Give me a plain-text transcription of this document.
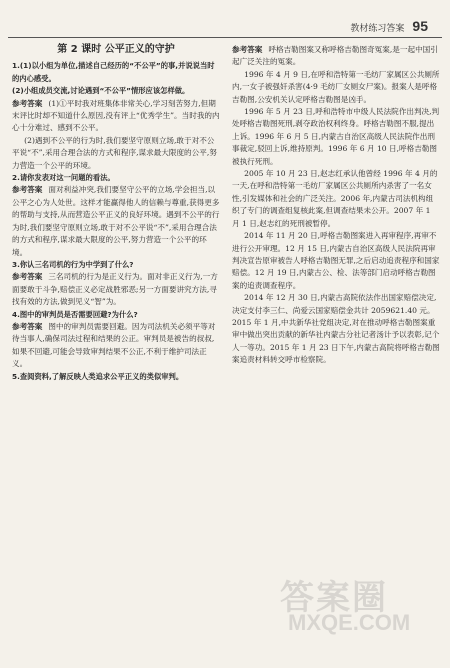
教材练习答案 95
第 2 课时 公平正义的守护

1.(1)以小组为单位,描述自己经历的“不公平”的事,并说说当时的内心感受。

(2)小组成员交流,讨论遇到“不公平”情形应该怎样做。

参考答案 (1)①平时我对班集体非常关心,学习刻苦努力,但期末评比时却不知道什么原因,没有评上“优秀学生”。当时我的内心十分难过、感到不公平。

(2)遇到不公平的行为时,我们要坚守原则立场,敢于对不公平说“不”,采用合理合法的方式和程序,谋求最大限度的公平,努力营造一个公平的环境。

2.请你发表对这一问题的看法。

参考答案 面对利益冲突,我们要坚守公平的立场,学会担当,以公平之心为人处世。这样才能赢得他人的信赖与尊重,获得更多的帮助与支持,从而营造公平正义的良好环境。遇到不公平的行为时,我们要坚守原则立场,敢于对不公平说“不”,采用合理合法的方式和程序,谋求最大限度的公平,努力营造一个公平的环境。

3.你认三名司机的行为中学到了什么?

参考答案 三名司机的行为是正义行为。面对非正义行为,一方面要敢于斗争,赔偿正义必定战胜邪恶;另一方面要讲究方法,寻找有效的方法,做到见义“智”为。

4.图中的审判员是否需要回避?为什么?

参考答案 图中的审判员需要回避。因为司法机关必须平等对待当事人,确保司法过程和结果的公正。审判员是被告的叔叔,如果不回避,可能会导致审判结果不公正,不利于维护司法正义。

5.查阅资料,了解反映人类追求公平正义的类似审判。

参考答案 呼格吉勒图案又称呼格吉勒图奇冤案,是一起中国引起广泛关注的冤案。

1996 年 4 月 9 日,在呼和浩特第一毛纺厂家属区公共厕所内,一女子被强奸杀害(4·9 毛纺厂女厕女尸案)。报案人是呼格吉勒图,公安机关认定呼格吉勒图是凶手。

1996 年 5 月 23 日,呼和浩特市中级人民法院作出判决,判处呼格吉勒图死刑,剥夺政治权利终身。呼格吉勒图不服,提出上诉。1996 年 6 月 5 日,内蒙古自治区高级人民法院作出刑事裁定,驳回上诉,维持原判。1996 年 6 月 10 日,呼格吉勒图被执行死刑。

2005 年 10 月 23 日,赵志红承认他曾经 1996 年 4 月的一天,在呼和浩特第一毛纺厂家属区公共厕所内杀害了一名女性,引发媒体和社会的广泛关注。2006 年,内蒙古司法机构组织了专门的调查组复核此案,但调查结果未公开。2007 年 1 月 1 日,赵志红的死刑被暂停。

2014 年 11 月 20 日,呼格吉勒图案进入再审程序,再审不进行公开审理。12 月 15 日,内蒙古自治区高级人民法院再审判决宣告原审被告人呼格吉勒图无罪,之后启动追责程序和国家赔偿。12 月 19 日,内蒙古公、检、法等部门启动呼格吉勒图案的追责调查程序。

2014 年 12 月 30 日,内蒙古高院依法作出国家赔偿决定,决定支付李三仁、尚爱云国家赔偿金共计 2059621.40 元。2015 年 1 月,中共新华社党组决定,对在推动呼格吉勒图案重审中做出突出贡献的新华社内蒙古分社记者汤计予以表彰,记个人一等功。2015 年 1 月 23 日下午,内蒙古高院将呼格吉勒图案追责材料转交呼市检察院。

答案圈
MXQE.COM
